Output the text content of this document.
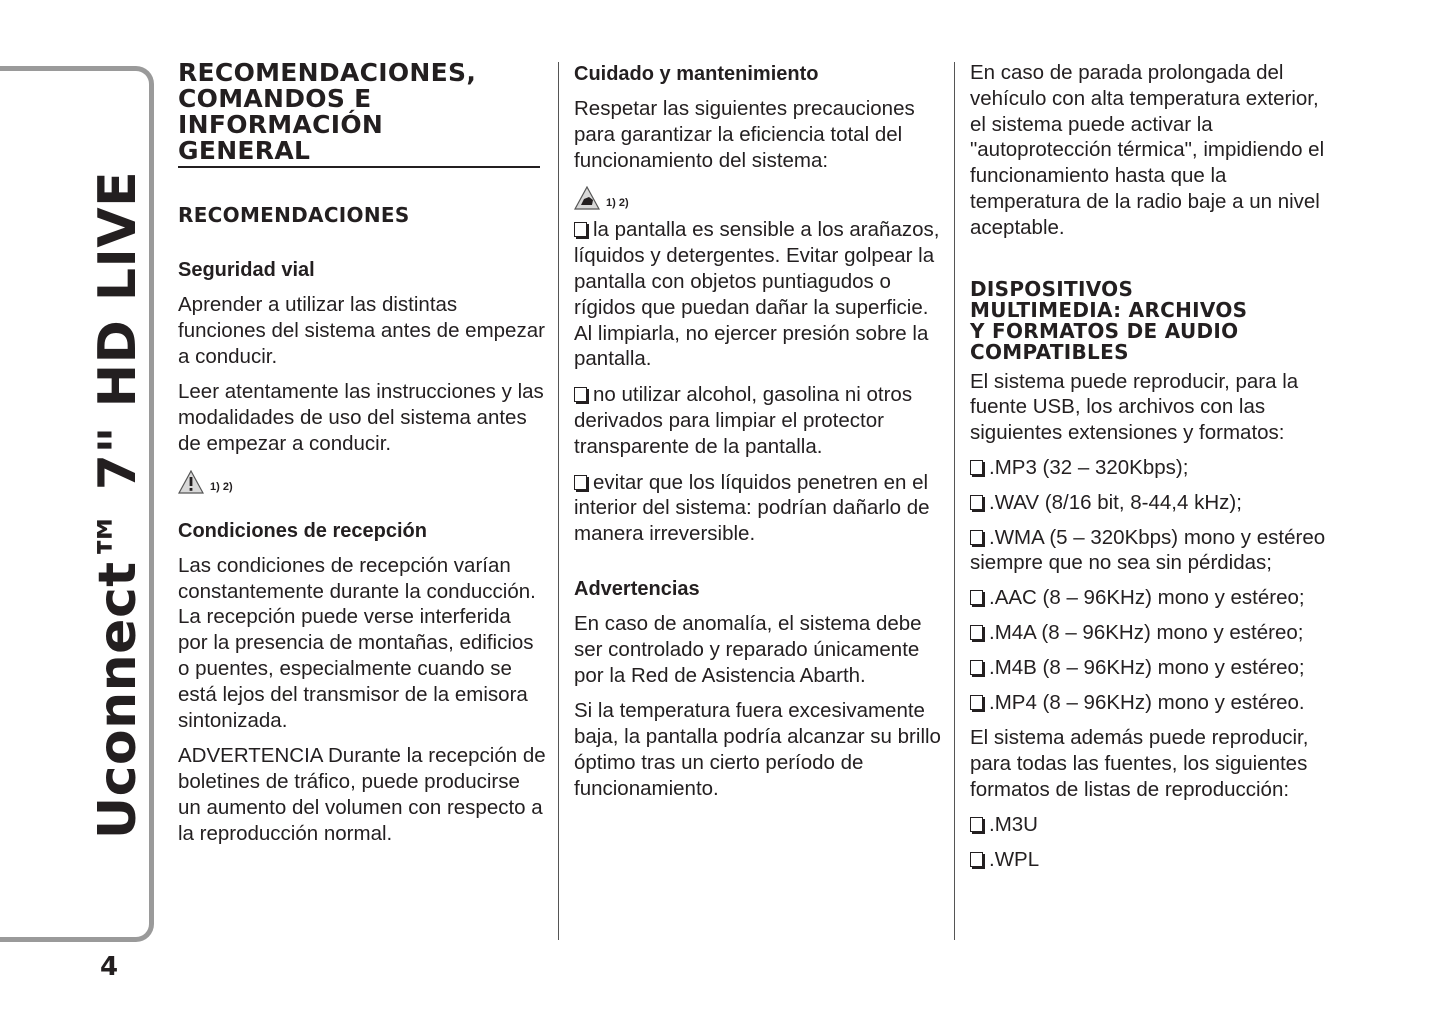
Uconnect™ 7" HD LIVE
4
RECOMENDACIONES,
COMANDOS E
INFORMACIÓN
GENERAL
RECOMENDACIONES
Seguridad vial

Aprender a utilizar las distintas funciones del sistema antes de empezar a conducir.

Leer atentamente las instrucciones y las modalidades de uso del sistema antes de empezar a conducir.

1) 2)
Condiciones de recepción

Las condiciones de recepción varían constantemente durante la conducción. La recepción puede verse interferida por la presencia de montañas, edificios o puentes, especialmente cuando se está lejos del transmisor de la emisora sintonizada.

ADVERTENCIA Durante la recepción de boletines de tráfico, puede producirse un aumento del volumen con respecto a la reproducción normal.

Cuidado y mantenimiento

Respetar las siguientes precauciones para garantizar la eficiencia total del funcionamiento del sistema:

1) 2)

la pantalla es sensible a los arañazos, líquidos y detergentes. Evitar golpear la pantalla con objetos puntiagudos o rígidos que puedan dañar la superficie. Al limpiarla, no ejercer presión sobre la pantalla.

no utilizar alcohol, gasolina ni otros derivados para limpiar el protector transparente de la pantalla.

evitar que los líquidos penetren en el interior del sistema: podrían dañarlo de manera irreversible.

Advertencias

En caso de anomalía, el sistema debe ser controlado y reparado únicamente por la Red de Asistencia Abarth.

Si la temperatura fuera excesivamente baja, la pantalla podría alcanzar su brillo óptimo tras un cierto período de funcionamiento.

En caso de parada prolongada del vehículo con alta temperatura exterior, el sistema puede activar la "autoprotección térmica", impidiendo el funcionamiento hasta que la temperatura de la radio baje a un nivel aceptable.

DISPOSITIVOS
MULTIMEDIA: ARCHIVOS
Y FORMATOS DE AUDIO
COMPATIBLES

El sistema puede reproducir, para la fuente USB, los archivos con las siguientes extensiones y formatos:

.MP3 (32 – 320Kbps);

.WAV (8/16 bit, 8-44,4 kHz);

.WMA (5 – 320Kbps) mono y estéreo siempre que no sea sin pérdidas;

.AAC (8 – 96KHz) mono y estéreo;

.M4A (8 – 96KHz) mono y estéreo;

.M4B (8 – 96KHz) mono y estéreo;

.MP4 (8 – 96KHz) mono y estéreo.

El sistema además puede reproducir, para todas las fuentes, los siguientes formatos de listas de reproducción:

.M3U

.WPL
